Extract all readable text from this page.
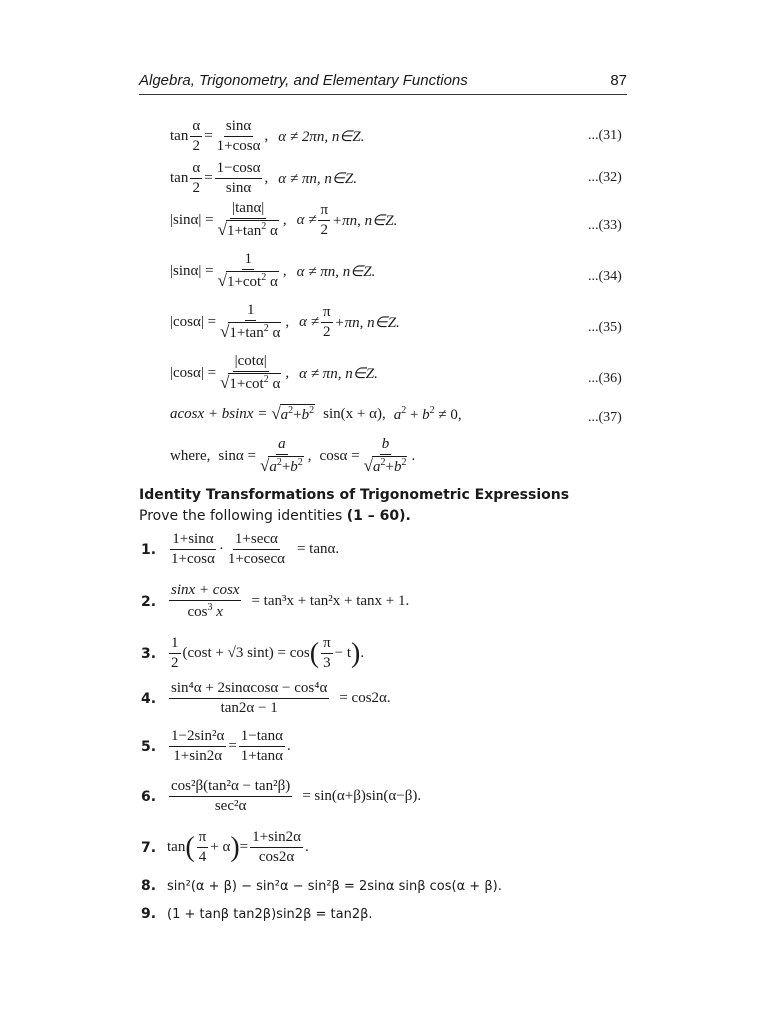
Algebra, Trigonometry, and Elementary Functions	87
$\tan \frac{\alpha}{2} = \frac{\sin\alpha}{1+\cos\alpha}$ , α ≠ 2πn, n∈Z.	...(31)
$\tan \frac{\alpha}{2} = \frac{1-\cos\alpha}{\sin\alpha}$ , α ≠ πn, n∈Z.	...(32)
$|\sin\alpha| = \frac{|\tan\alpha|}{√1+\tan^2 \alpha}$ , $\alpha \ne \frac{\pi}{2} +\pi n$, n∈Z.	...(33)
$|\sin\alpha| = \frac{1}{√1+\cot^2 \alpha}$ , α ≠ πn, n∈Z.	...(34)
$|\cos\alpha| = \frac{1}{√1+\tan^2 \alpha}$ , $\alpha \ne \frac{\pi}{2} +\pi n$, n∈Z.	...(35)
$|\cos\alpha| = \frac{|\cot\alpha|}{√1+\cot^2 \alpha}$ , α ≠ πn, n∈Z.	...(36)
acosx + bsinx = √ $a^2+b^2$ sin(x + α), $a^2 + b^2 \ne 0$,	...(37)
where, $\sin\alpha = \frac{a}{√a^2+b^2}$ , $\cos\alpha = \frac{b}{√a^2+b^2}$ .
Identity Transformations of Trigonometric Expressions
Prove the following identities (1 – 60).
1. $\frac{1+\sin\alpha}{1+\cos\alpha} \cdot \frac{1+\sec\alpha}{1+cosec\alpha} = \tan\alpha$.
2. $\frac{\sin x + \cos x}{\cos^3 x} = \tan^3x + \tan^2x + \tan x + 1$.
3. $\frac{1}{2} (\cos t + √3$ sint) = cos ( $\frac{\pi}{3} - t$ ) .
4. $\frac{\text{sin⁴α + 2sinαcosα − cos⁴α}}{\tan 2\alpha - 1} = \cos 2\alpha$.
5. $\frac{\text{1−2sin²α}}{1+\sin 2\alpha} = \frac{1-\tan\alpha}{1+\tan\alpha}$ .
6. $\frac{\text{cos²β(tan²α − tan²β)}}{\text{sec²α}} = \sin(\alpha+\beta)\sin(\alpha-\beta)$.
7. tan ( $\frac{\pi}{4} + \alpha$ ) = $\frac{1+\sin 2\alpha}{\cos 2\alpha}$ .
8. sin²(α + β) − sin²α − sin²β = 2sinα sinβ cos(α + β).
9. (1 + tanβ tan2β)sin2β = tan2β.
